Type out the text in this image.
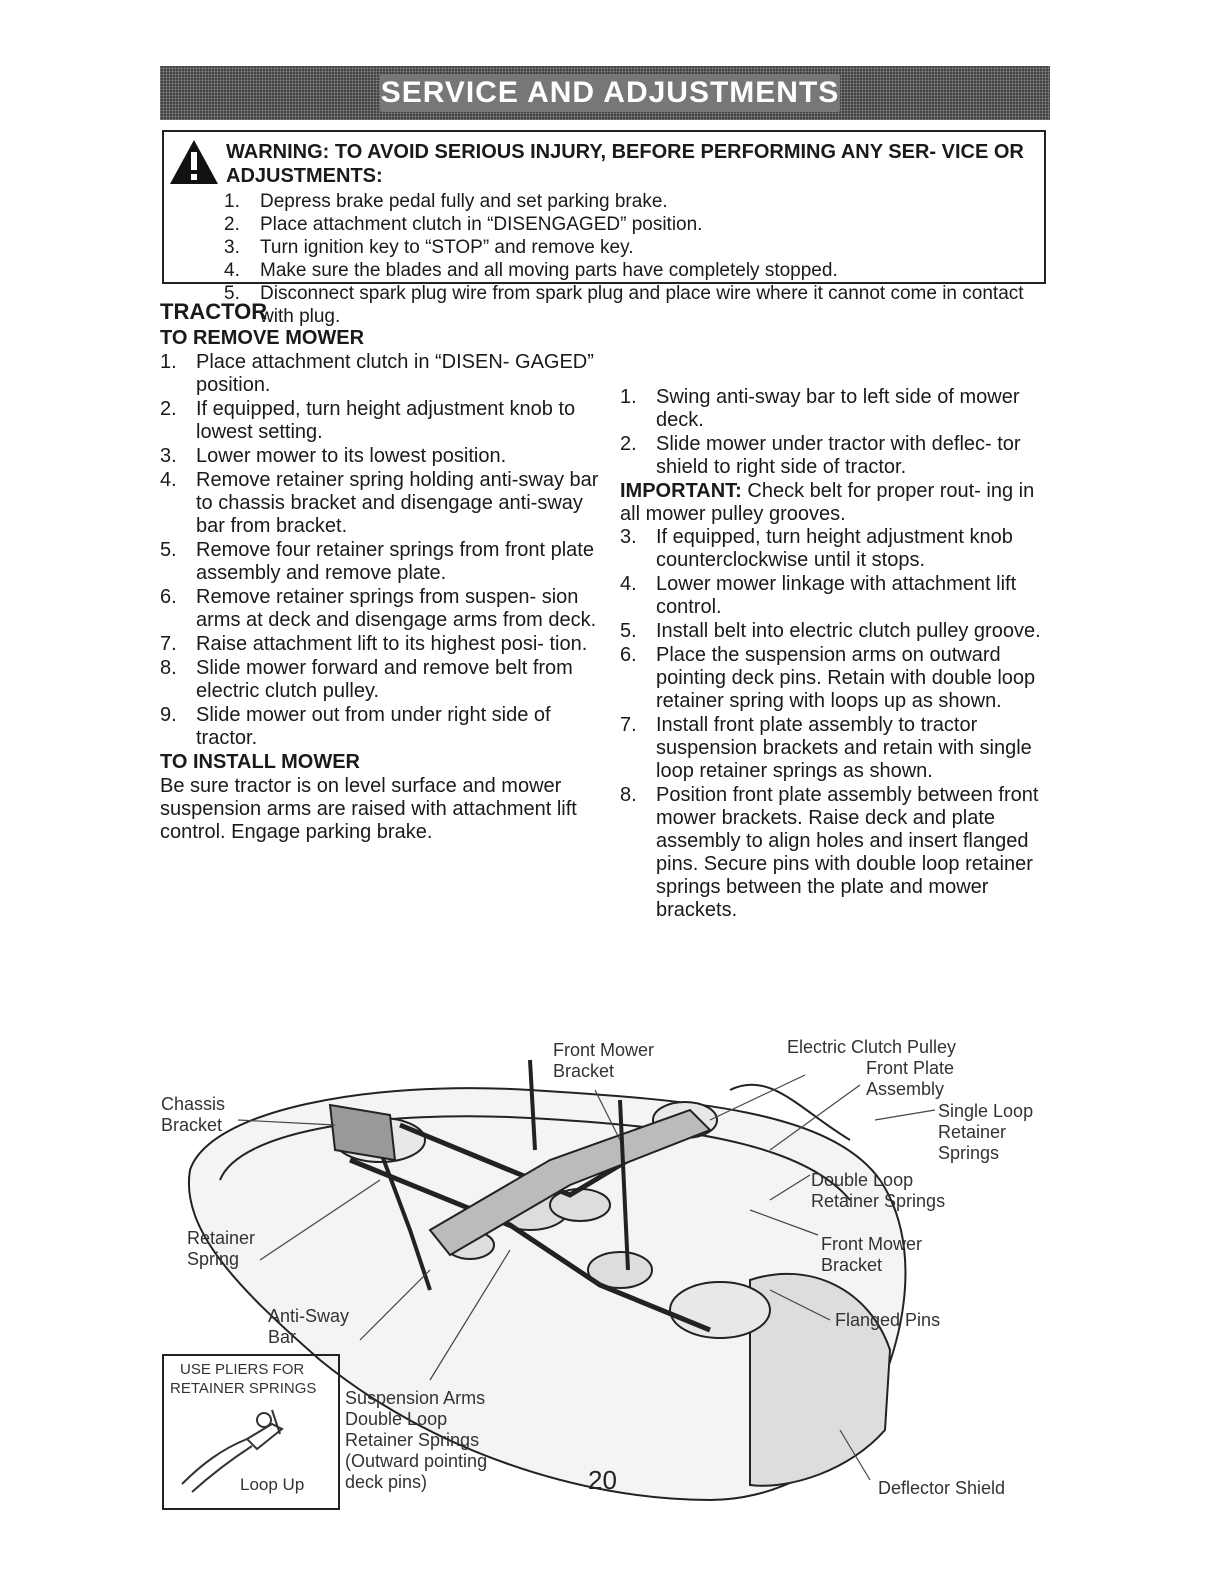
SERVICE AND ADJUSTMENTS
WARNING: TO AVOID SERIOUS INJURY, BEFORE PERFORMING ANY SER- VICE OR ADJUSTMENTS:
1. Depress brake pedal fully and set parking brake.
2. Place attachment clutch in “DISENGAGED” position.
3. Turn ignition key to “STOP” and remove key.
4. Make sure the blades and all moving parts have completely stopped.
5. Disconnect spark plug wire from spark plug and place wire where it cannot come in contact with plug.
TRACTOR
TO REMOVE MOWER
1. Place attachment clutch in “DISEN- GAGED” position.
2. If equipped, turn height adjustment knob to lowest setting.
3. Lower mower to its lowest position.
4. Remove retainer spring holding anti-sway bar to chassis bracket and disengage anti-sway bar from bracket.
5. Remove four retainer springs from front plate assembly and remove plate.
6. Remove retainer springs from suspen- sion arms at deck and disengage arms from deck.
7. Raise attachment lift to its highest posi- tion.
8. Slide mower forward and remove belt from electric clutch pulley.
9. Slide mower out from under right side of tractor.
TO INSTALL MOWER

Be sure tractor is on level surface and mower suspension arms are raised with attachment lift control. Engage parking brake.

1. Swing anti-sway bar to left side of mower deck.
2. Slide mower under tractor with deflec- tor shield to right side of tractor.

IMPORTANT: Check belt for proper rout- ing in all mower pulley grooves.

3. If equipped, turn height adjustment knob counterclockwise until it stops.
4. Lower mower linkage with attachment lift control.
5. Install belt into electric clutch pulley groove.
6. Place the suspension arms on outward pointing deck pins. Retain with double loop retainer spring with loops up as shown.
7. Install front plate assembly to tractor suspension brackets and retain with single loop retainer springs as shown.
8. Position front plate assembly between front mower brackets. Raise deck and plate assembly to align holes and insert flanged pins. Secure pins with double loop retainer springs between the plate and mower brackets.
Front Mower
Bracket
Electric Clutch Pulley
Front Plate
Assembly
Single Loop
Retainer
Springs
Chassis
Bracket
Double Loop
Retainer Springs
Retainer
Spring
Front Mower
Bracket
Anti-Sway
Bar
Flanged Pins
Suspension Arms
Double Loop
Retainer Springs
(Outward pointing
deck pins)	Deflector Shield
USE PLIERS FOR
RETAINER SPRINGS
Loop Up	20
